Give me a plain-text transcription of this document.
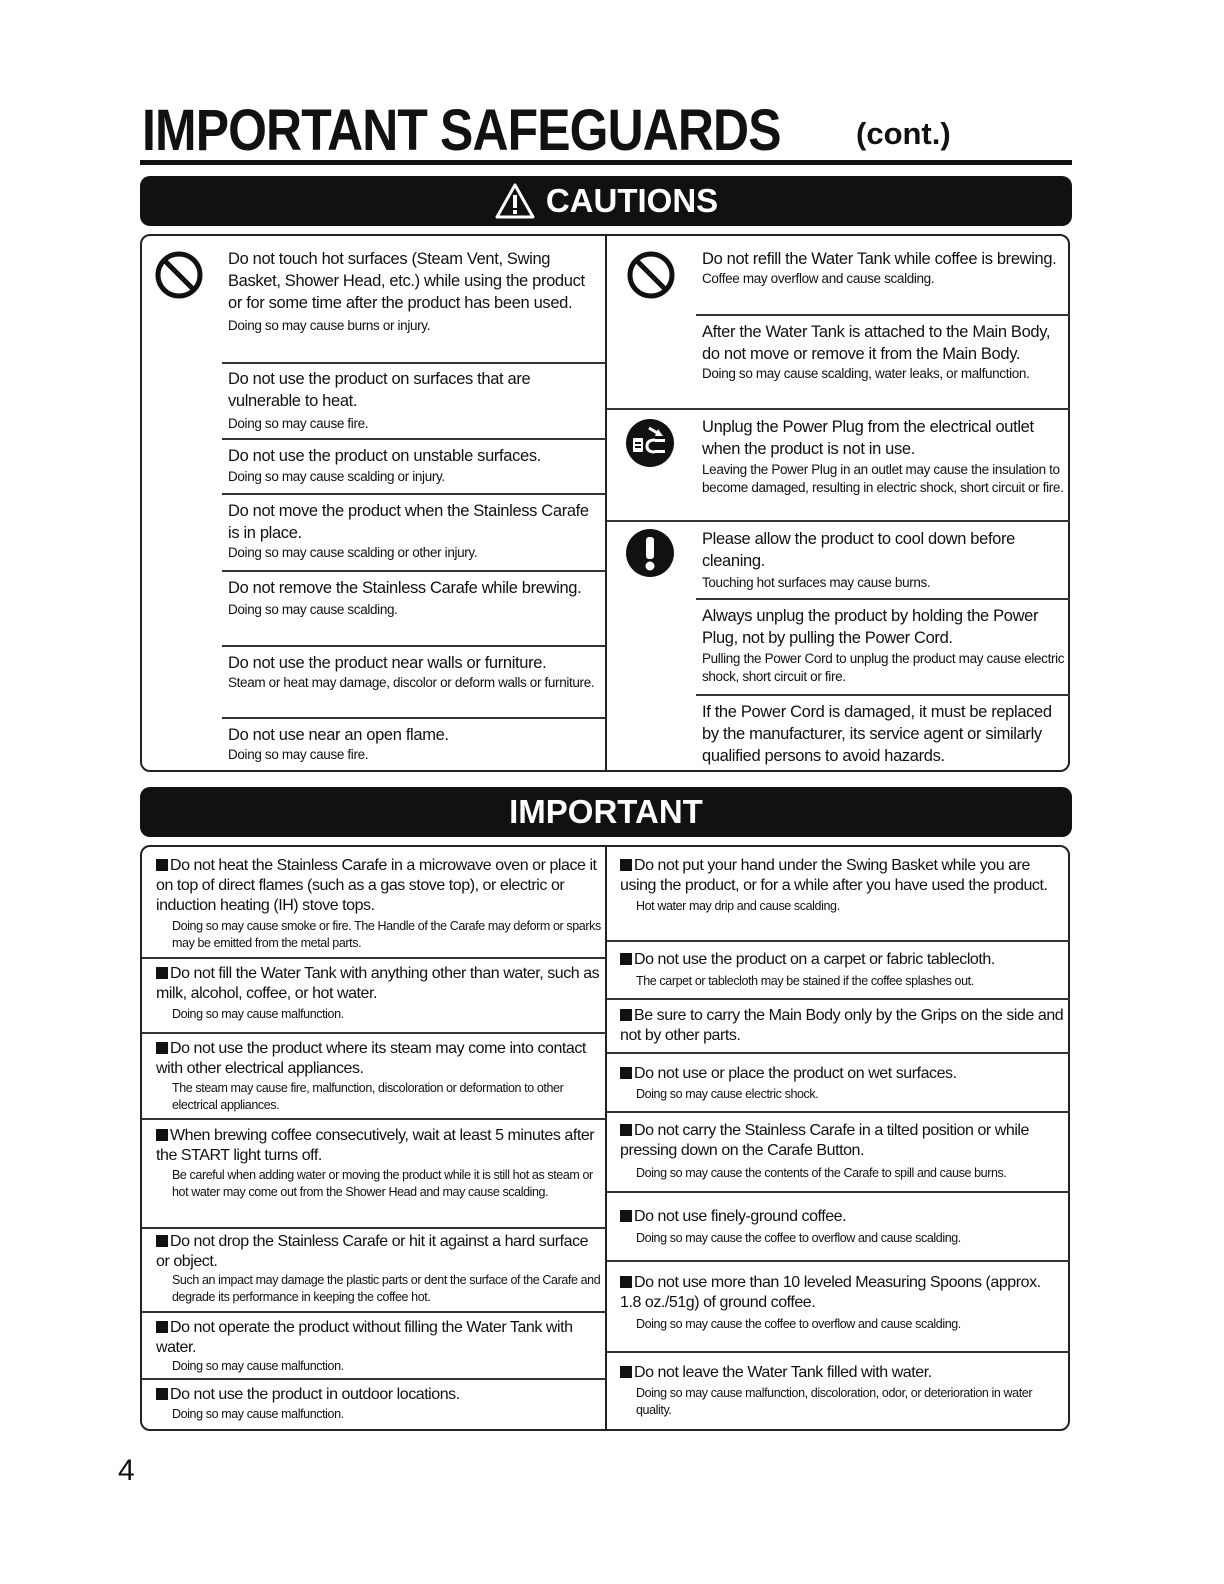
IMPORTANT SAFEGUARDS (cont.)
CAUTIONS
Do not touch hot surfaces (Steam Vent, Swing Basket, Shower Head, etc.) while using the product or for some time after the product has been used.
Doing so may cause burns or injury.
Do not use the product on surfaces that are vulnerable to heat.
Doing so may cause fire.
Do not use the product on unstable surfaces.
Doing so may cause scalding or injury.
Do not move the product when the Stainless Carafe is in place.
Doing so may cause scalding or other injury.
Do not remove the Stainless Carafe while brewing.
Doing so may cause scalding.
Do not use the product near walls or furniture.
Steam or heat may damage, discolor or deform walls or furniture.
Do not use near an open flame.
Doing so may cause fire.
Do not refill the Water Tank while coffee is brewing.
Coffee may overflow and cause scalding.
After the Water Tank is attached to the Main Body, do not move or remove it from the Main Body.
Doing so may cause scalding, water leaks, or malfunction.
Unplug the Power Plug from the electrical outlet when the product is not in use.
Leaving the Power Plug in an outlet may cause the insulation to become damaged, resulting in electric shock, short circuit or fire.
Please allow the product to cool down before cleaning.
Touching hot surfaces may cause burns.
Always unplug the product by holding the Power Plug, not by pulling the Power Cord.
Pulling the Power Cord to unplug the product may cause electric shock, short circuit or fire.
If the Power Cord is damaged, it must be replaced by the manufacturer, its service agent or similarly qualified persons to avoid hazards.
IMPORTANT
Do not heat the Stainless Carafe in a microwave oven or place it on top of direct flames (such as a gas stove top), or electric or induction heating (IH) stove tops.
Doing so may cause smoke or fire. The Handle of the Carafe may deform or sparks may be emitted from the metal parts.
Do not fill the Water Tank with anything other than water, such as milk, alcohol, coffee, or hot water.
Doing so may cause malfunction.
Do not use the product where its steam may come into contact with other electrical appliances.
The steam may cause fire, malfunction, discoloration or deformation to other electrical appliances.
When brewing coffee consecutively, wait at least 5 minutes after the START light turns off.
Be careful when adding water or moving the product while it is still hot as steam or hot water may come out from the Shower Head and may cause scalding.
Do not drop the Stainless Carafe or hit it against a hard surface or object.
Such an impact may damage the plastic parts or dent the surface of the Carafe and degrade its performance in keeping the coffee hot.
Do not operate the product without filling the Water Tank with water.
Doing so may cause malfunction.
Do not use the product in outdoor locations.
Doing so may cause malfunction.
Do not put your hand under the Swing Basket while you are using the product, or for a while after you have used the product.
Hot water may drip and cause scalding.
Do not use the product on a carpet or fabric tablecloth.
The carpet or tablecloth may be stained if the coffee splashes out.
Be sure to carry the Main Body only by the Grips on the side and not by other parts.
Do not use or place the product on wet surfaces.
Doing so may cause electric shock.
Do not carry the Stainless Carafe in a tilted position or while pressing down on the Carafe Button.
Doing so may cause the contents of the Carafe to spill and cause burns.
Do not use finely-ground coffee.
Doing so may cause the coffee to overflow and cause scalding.
Do not use more than 10 leveled Measuring Spoons (approx. 1.8 oz./51g) of ground coffee.
Doing so may cause the coffee to overflow and cause scalding.
Do not leave the Water Tank filled with water.
Doing so may cause malfunction, discoloration, odor, or deterioration in water quality.
4
